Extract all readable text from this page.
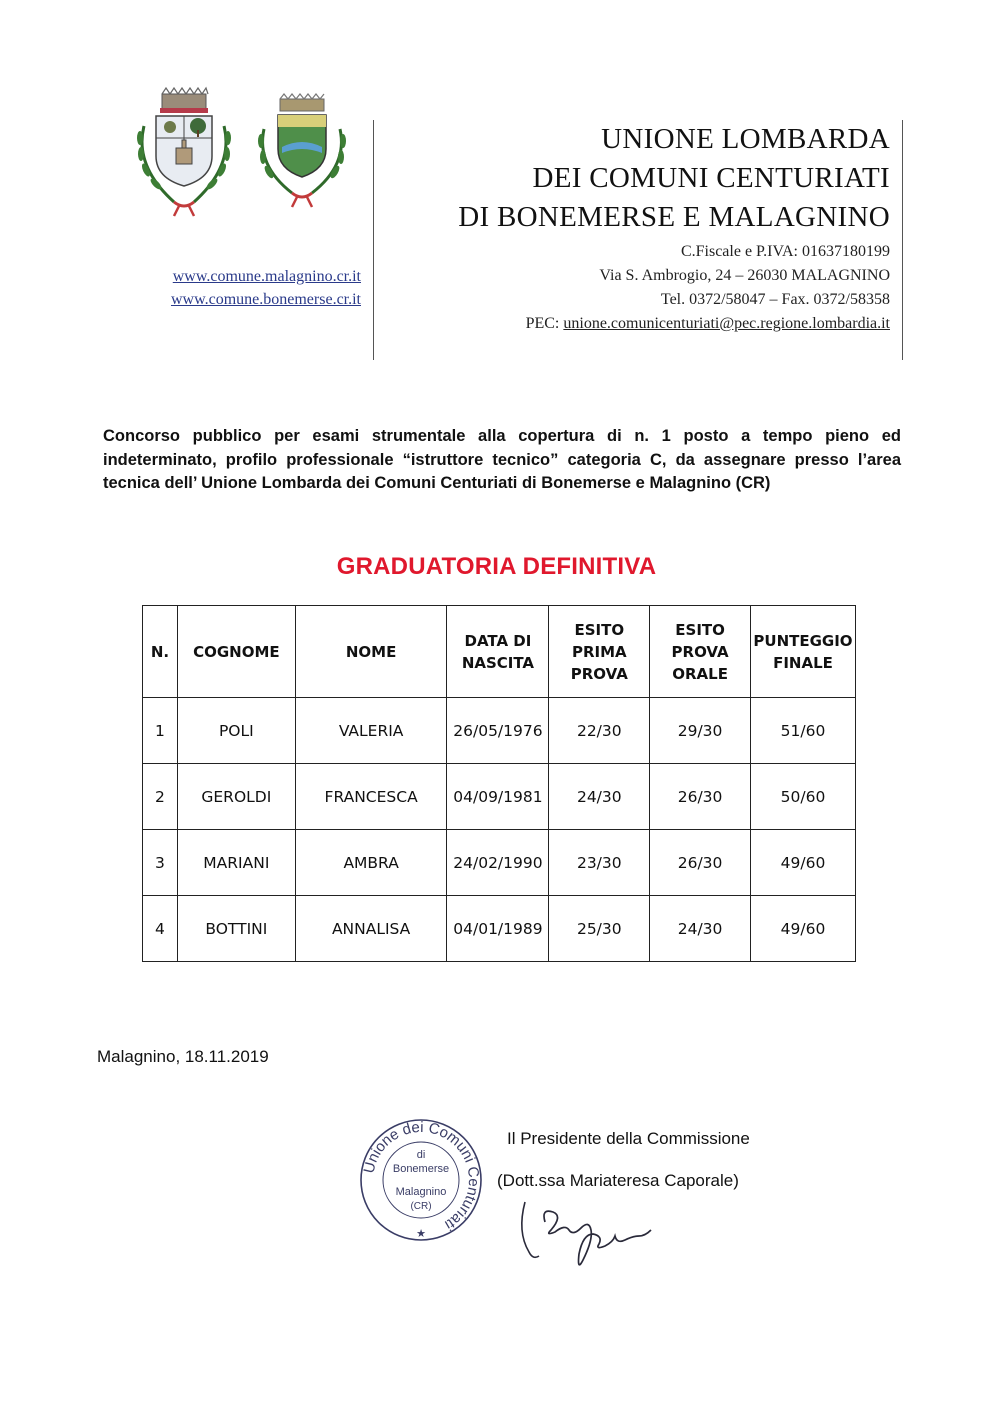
www.comune.malagnino.cr.it
www.comune.bonemerse.cr.it
UNIONE LOMBARDA
DEI COMUNI CENTURIATI
DI BONEMERSE E MALAGNINO
C.Fiscale e P.IVA: 01637180199
Via S. Ambrogio, 24 – 26030 MALAGNINO
Tel. 0372/58047 – Fax. 0372/58358
PEC: unione.comunicenturiati@pec.regione.lombardia.it
Concorso pubblico per esami strumentale alla copertura di n. 1 posto a tempo pieno ed indeterminato, profilo professionale “istruttore tecnico” categoria C, da assegnare presso l’area tecnica dell’ Unione Lombarda dei Comuni Centuriati di Bonemerse e Malagnino (CR)
GRADUATORIA DEFINITIVA
N.	COGNOME	NOME	DATA DI NASCITA	ESITO PRIMA PROVA	ESITO PROVA ORALE	PUNTEGGIO FINALE
1	POLI	VALERIA	26/05/1976	22/30	29/30	51/60
2	GEROLDI	FRANCESCA	04/09/1981	24/30	26/30	50/60
3	MARIANI	AMBRA	24/02/1990	23/30	26/30	49/60
4	BOTTINI	ANNALISA	04/01/1989	25/30	24/30	49/60
Malagnino, 18.11.2019
Unione dei Comuni Centuriati
di
Bonemerse
Malagnino
(CR)
★
Il Presidente della Commissione
(Dott.ssa Mariateresa Caporale)
